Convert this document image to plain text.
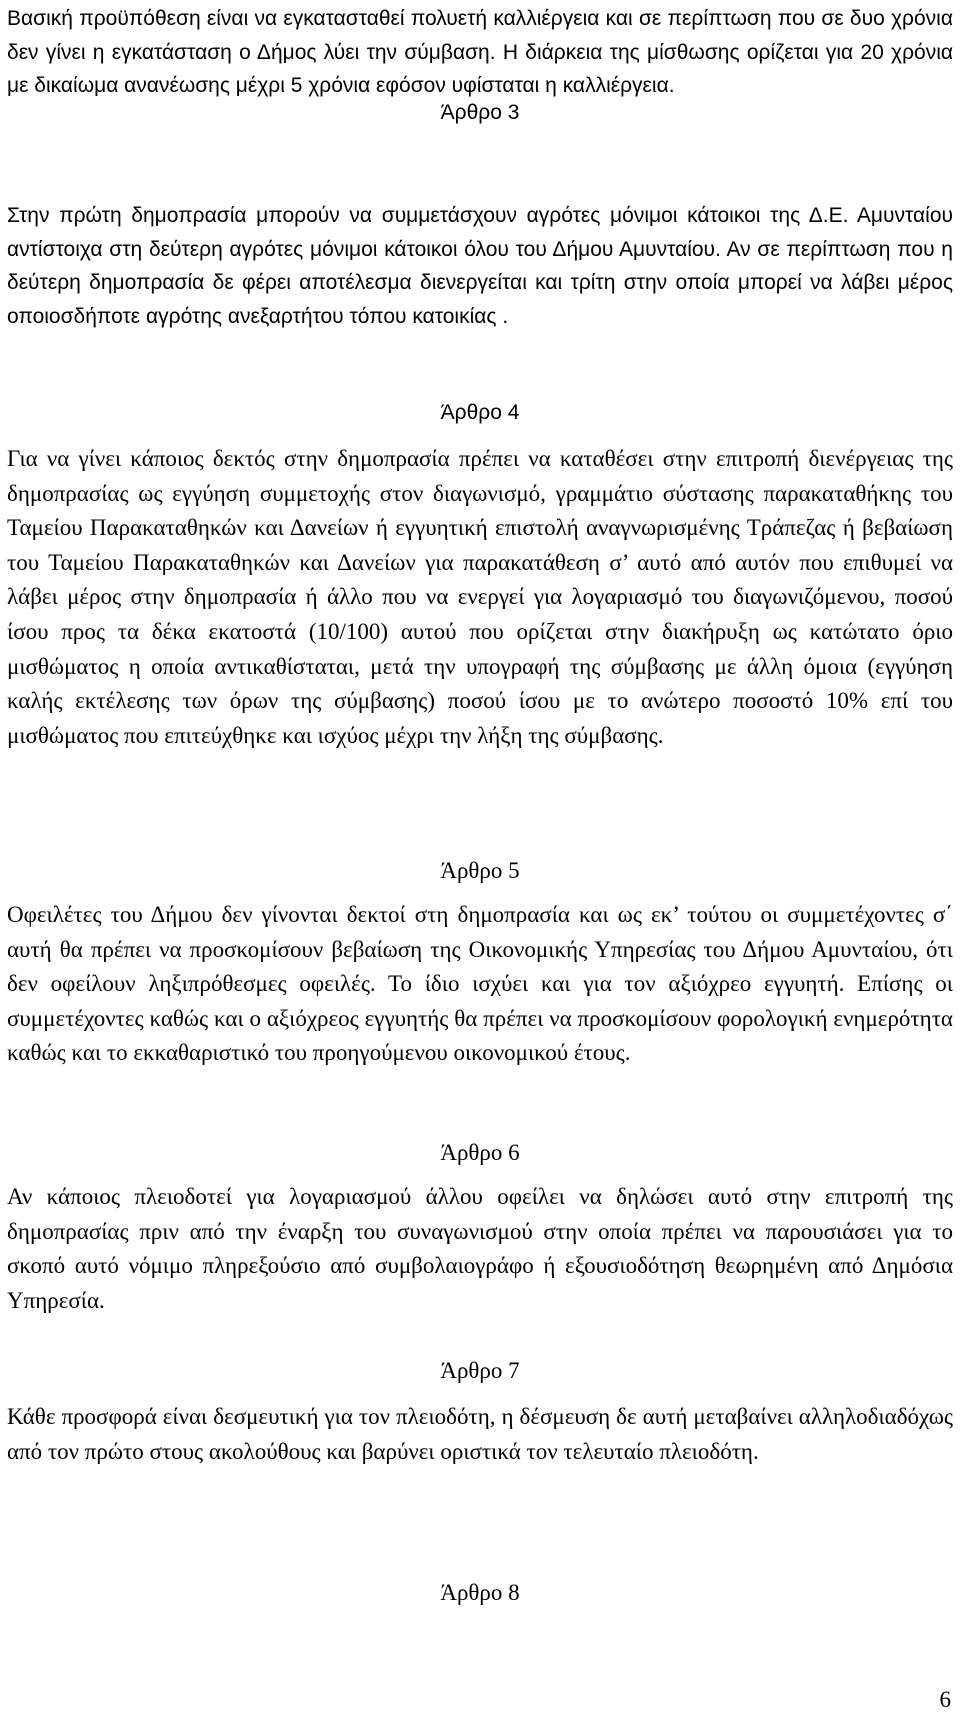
Βασική προϋπόθεση είναι να εγκατασταθεί πολυετή καλλιέργεια και σε περίπτωση που σε δυο χρόνια δεν γίνει η εγκατάσταση ο Δήμος λύει την σύμβαση. Η διάρκεια της μίσθωσης ορίζεται για 20 χρόνια με δικαίωμα ανανέωσης μέχρι 5 χρόνια εφόσον υφίσταται η καλλιέργεια.

Άρθρο 3

Στην πρώτη δημοπρασία μπορούν να συμμετάσχουν αγρότες μόνιμοι κάτοικοι της Δ.Ε. Αμυνταίου αντίστοιχα στη δεύτερη αγρότες μόνιμοι κάτοικοι όλου του Δήμου Αμυνταίου. Αν σε περίπτωση που η δεύτερη δημοπρασία δε φέρει αποτέλεσμα διενεργείται και τρίτη στην οποία μπορεί να λάβει μέρος οποιοσδήποτε αγρότης ανεξαρτήτου τόπου κατοικίας .

Άρθρο 4

Για να γίνει κάποιος δεκτός στην δημοπρασία πρέπει να καταθέσει στην επιτροπή διενέργειας της δημοπρασίας ως εγγύηση συμμετοχής στον διαγωνισμό, γραμμάτιο σύστασης παρακαταθήκης του Ταμείου Παρακαταθηκών και Δανείων ή εγγυητική επιστολή αναγνωρισμένης Τράπεζας ή βεβαίωση του Ταμείου Παρακαταθηκών και Δανείων για παρακατάθεση σ’ αυτό από αυτόν που επιθυμεί να λάβει μέρος στην δημοπρασία ή άλλο που να ενεργεί για λογαριασμό του διαγωνιζόμενου, ποσού ίσου προς τα δέκα εκατοστά (10/100) αυτού που ορίζεται στην διακήρυξη ως κατώτατο όριο μισθώματος η οποία αντικαθίσταται, μετά την υπογραφή της σύμβασης με άλλη όμοια (εγγύηση καλής εκτέλεσης των όρων της σύμβασης) ποσού ίσου με το ανώτερο ποσοστό 10% επί του μισθώματος που επιτεύχθηκε και ισχύος μέχρι την λήξη της σύμβασης.

Άρθρο 5

Οφειλέτες του Δήμου δεν γίνονται δεκτοί στη δημοπρασία και ως εκ’ τούτου οι συμμετέχοντες σ΄ αυτή θα πρέπει να προσκομίσουν βεβαίωση της Οικονομικής Υπηρεσίας του Δήμου Αμυνταίου, ότι δεν οφείλουν ληξιπρόθεσμες οφειλές. Το ίδιο ισχύει και για τον αξιόχρεο εγγυητή. Επίσης οι συμμετέχοντες καθώς και ο αξιόχρεος εγγυητής θα πρέπει να προσκομίσουν φορολογική ενημερότητα καθώς και το εκκαθαριστικό του προηγούμενου οικονομικού έτους.

Άρθρο 6

Αν κάποιος πλειοδοτεί για λογαριασμού άλλου οφείλει να δηλώσει αυτό στην επιτροπή της δημοπρασίας πριν από την έναρξη του συναγωνισμού στην οποία πρέπει να παρουσιάσει για το σκοπό αυτό νόμιμο πληρεξούσιο από συμβολαιογράφο ή εξουσιοδότηση θεωρημένη από Δημόσια Υπηρεσία.

Άρθρο 7

Κάθε προσφορά είναι δεσμευτική για τον πλειοδότη, η δέσμευση δε αυτή μεταβαίνει αλληλοδιαδόχως από τον πρώτο στους ακολούθους και βαρύνει οριστικά τον τελευταίο πλειοδότη.

Άρθρο 8

6
